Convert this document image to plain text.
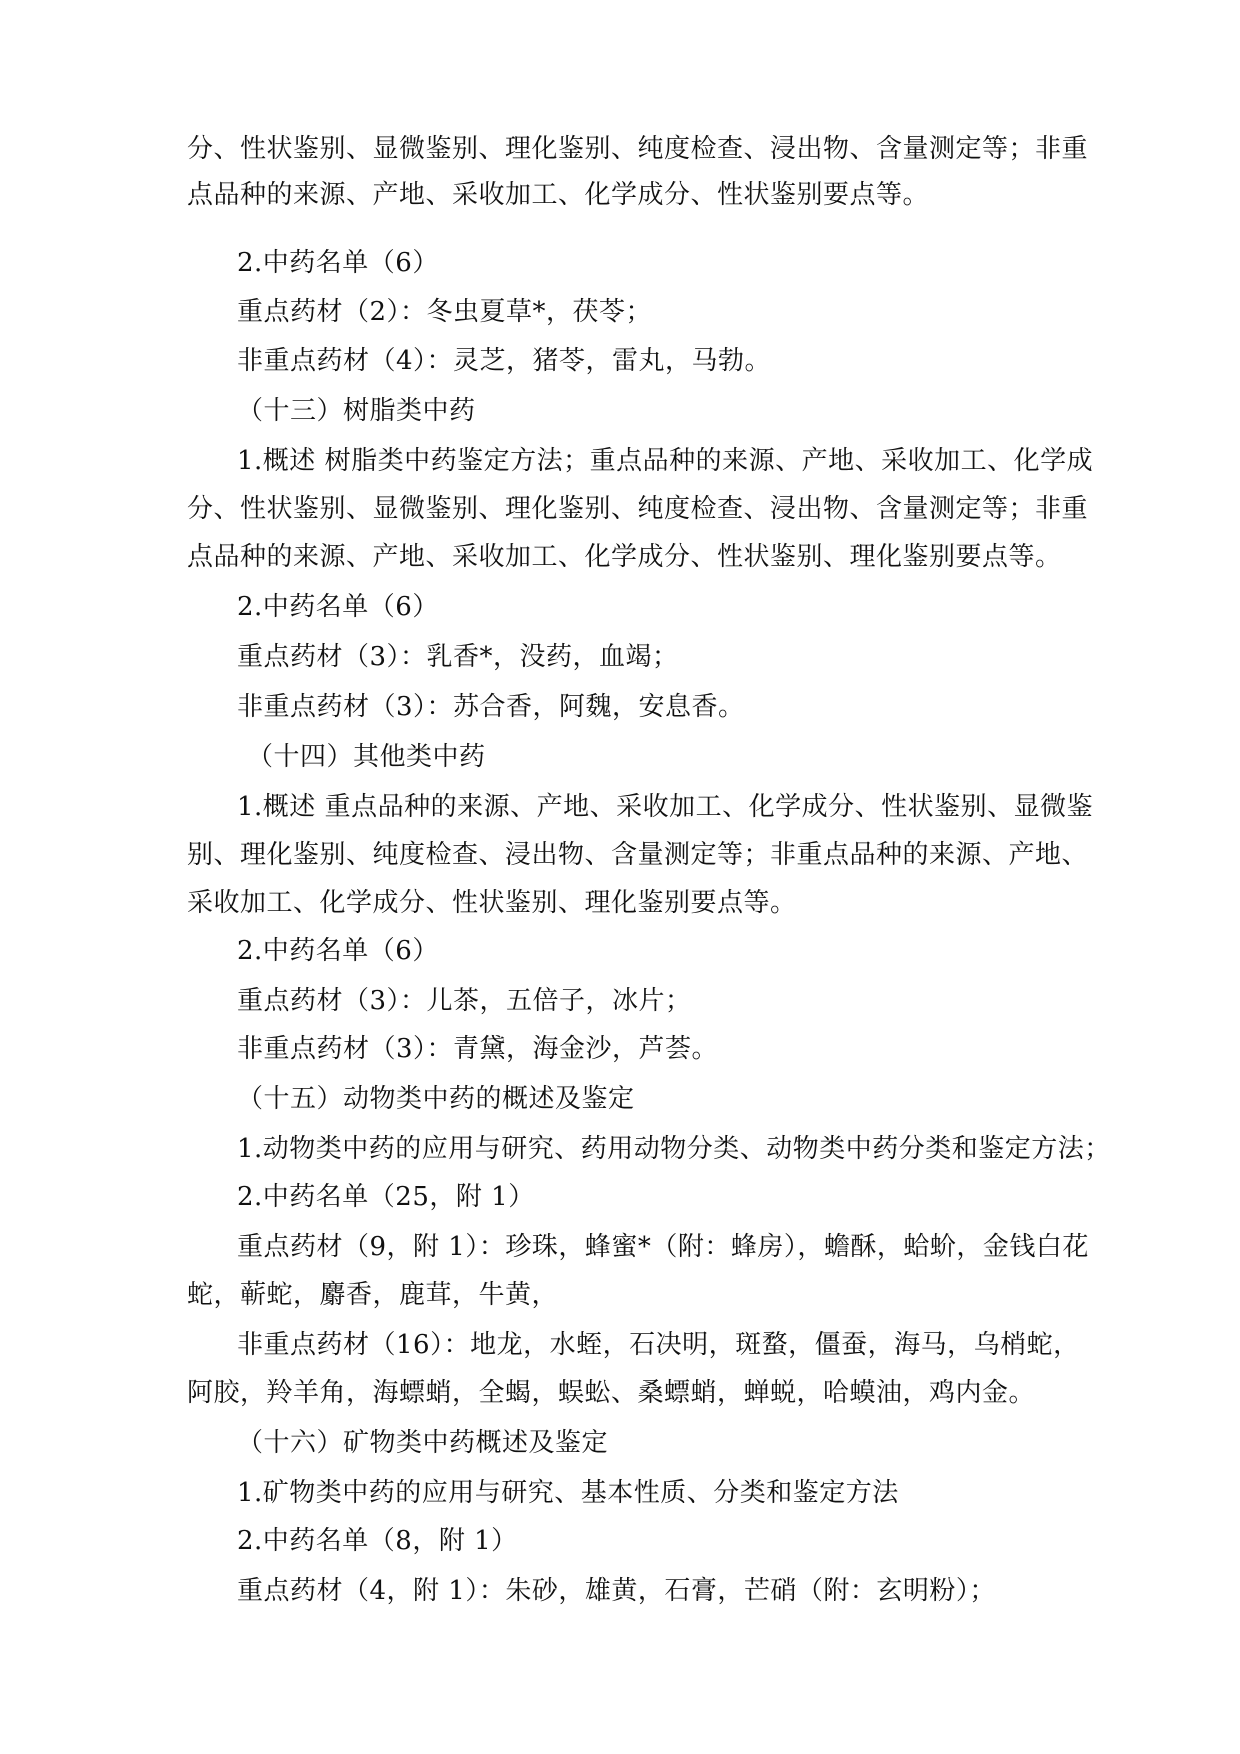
分、性状鉴别、显微鉴别、理化鉴别、纯度检查、浸出物、含量测定等；非重
点品种的来源、产地、采收加工、化学成分、性状鉴别要点等。
2.中药名单（6）
重点药材（2）：冬虫夏草*，茯苓；
非重点药材（4）：灵芝，猪苓，雷丸，马勃。
（十三）树脂类中药
1.概述 树脂类中药鉴定方法；重点品种的来源、产地、采收加工、化学成
分、性状鉴别、显微鉴别、理化鉴别、纯度检查、浸出物、含量测定等；非重
点品种的来源、产地、采收加工、化学成分、性状鉴别、理化鉴别要点等。
2.中药名单（6）
重点药材（3）：乳香*，没药，血竭；
非重点药材（3）：苏合香，阿魏，安息香。
（十四）其他类中药
1.概述 重点品种的来源、产地、采收加工、化学成分、性状鉴别、显微鉴
别、理化鉴别、纯度检查、浸出物、含量测定等；非重点品种的来源、产地、
采收加工、化学成分、性状鉴别、理化鉴别要点等。
2.中药名单（6）
重点药材（3）：儿茶，五倍子，冰片；
非重点药材（3）：青黛，海金沙，芦荟。
（十五）动物类中药的概述及鉴定
1.动物类中药的应用与研究、药用动物分类、动物类中药分类和鉴定方法；
2.中药名单（25，附 1）
重点药材（9，附 1）：珍珠，蜂蜜*（附：蜂房），蟾酥，蛤蚧，金钱白花
蛇，蕲蛇，麝香，鹿茸，牛黄，
非重点药材（16）：地龙，水蛭，石决明，斑蝥，僵蚕，海马，乌梢蛇，
阿胶，羚羊角，海螵蛸，全蝎，蜈蚣、桑螵蛸，蝉蜕，哈蟆油，鸡内金。
（十六）矿物类中药概述及鉴定
1.矿物类中药的应用与研究、基本性质、分类和鉴定方法
2.中药名单（8，附 1）
重点药材（4，附 1）：朱砂，雄黄，石膏，芒硝（附：玄明粉）；
